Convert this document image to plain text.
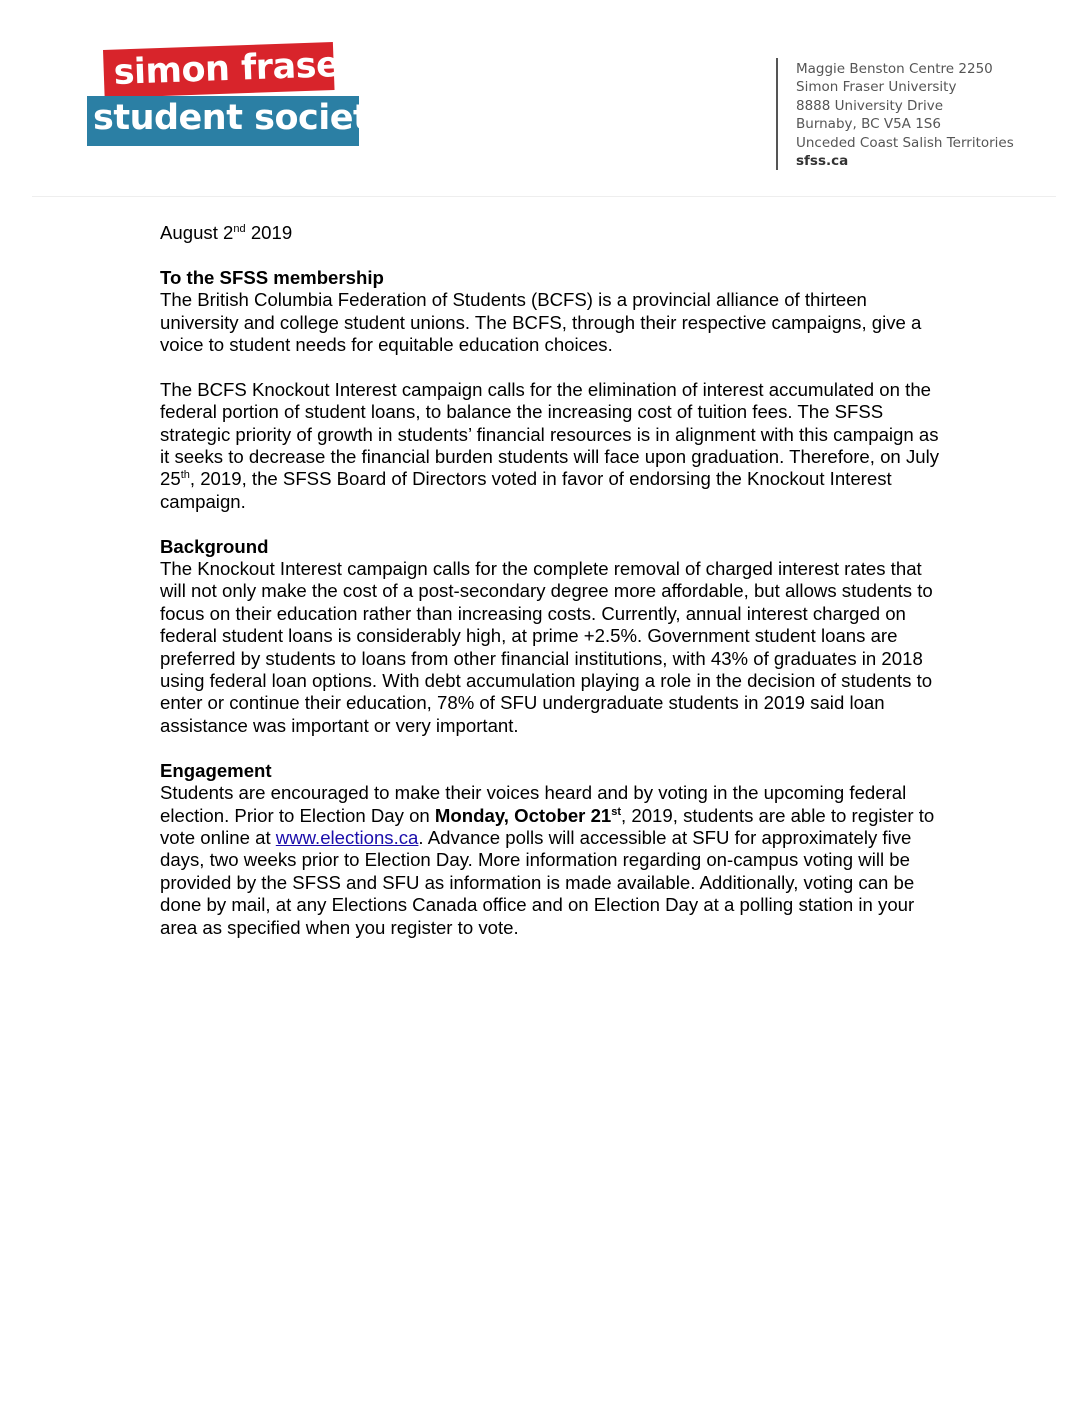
simon fraser
student society
Maggie Benston Centre 2250
Simon Fraser University
8888 University Drive
Burnaby, BC V5A 1S6
Unceded Coast Salish Territories
sfss.ca

August 2nd 2019

To the SFSS membership

The British Columbia Federation of Students (BCFS) is a provincial alliance of thirteen university and college student unions. The BCFS, through their respective campaigns, give a voice to student needs for equitable education choices.

The BCFS Knockout Interest campaign calls for the elimination of interest accumulated on the federal portion of student loans, to balance the increasing cost of tuition fees. The SFSS strategic priority of growth in students’ financial resources is in alignment with this campaign as it seeks to decrease the financial burden students will face upon graduation. Therefore, on July 25th, 2019, the SFSS Board of Directors voted in favor of endorsing the Knockout Interest campaign.

Background

The Knockout Interest campaign calls for the complete removal of charged interest rates that will not only make the cost of a post-secondary degree more affordable, but allows students to focus on their education rather than increasing costs. Currently, annual interest charged on federal student loans is considerably high, at prime +2.5%. Government student loans are preferred by students to loans from other financial institutions, with 43% of graduates in 2018 using federal loan options. With debt accumulation playing a role in the decision of students to enter or continue their education, 78% of SFU undergraduate students in 2019 said loan assistance was important or very important.

Engagement

Students are encouraged to make their voices heard and by voting in the upcoming federal election. Prior to Election Day on Monday, October 21st, 2019, students are able to register to vote online at www.elections.ca. Advance polls will accessible at SFU for approximately five days, two weeks prior to Election Day. More information regarding on-campus voting will be provided by the SFSS and SFU as information is made available. Additionally, voting can be done by mail, at any Elections Canada office and on Election Day at a polling station in your area as specified when you register to vote.
